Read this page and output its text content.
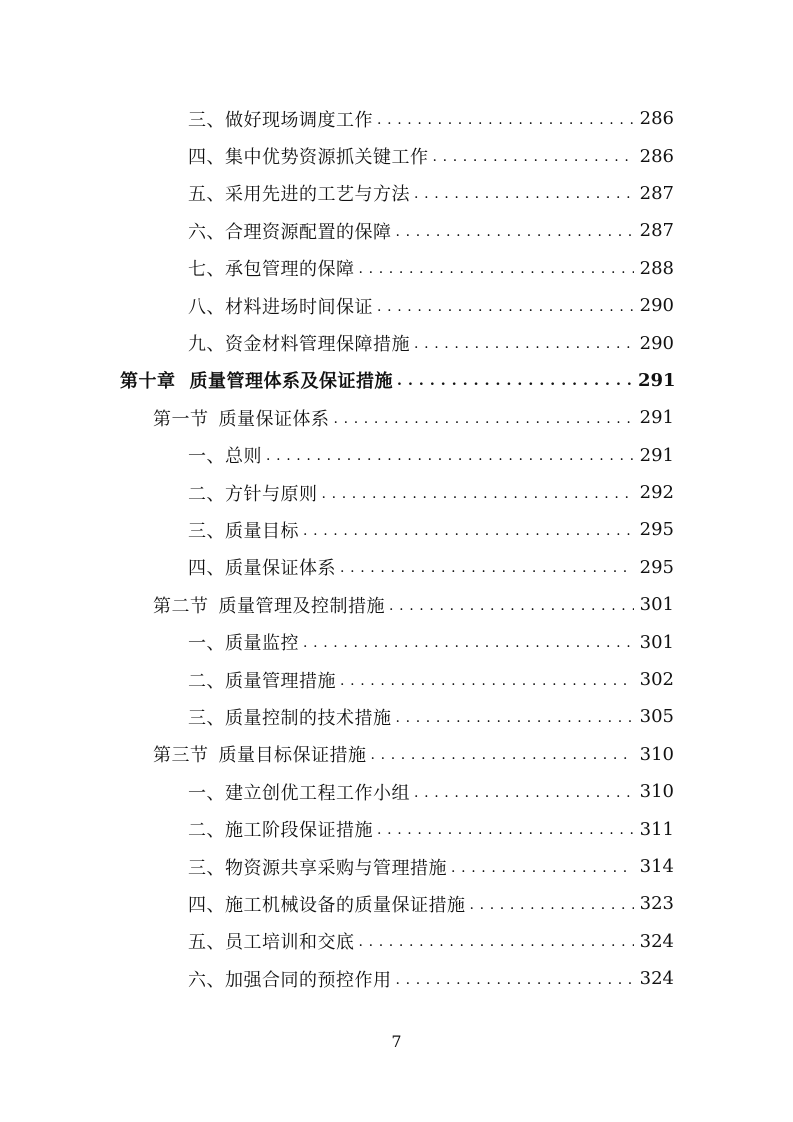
三、做好现场调度工作 . . .	286
四、集中优势资源抓关键工作 . . .	286
五、采用先进的工艺与方法 . . .	287
六、合理资源配置的保障 . . .	287
七、承包管理的保障 . . .	288
八、材料进场时间保证 . . .	290
九、资金材料管理保障措施 . . .	290
第十章 质量管理体系及保证措施 . . .	291
第一节 质量保证体系 . . .	291
一、总则 . . .	291
二、方针与原则 . . .	292
三、质量目标 . . .	295
四、质量保证体系 . . .	295
第二节 质量管理及控制措施 . . .	301
一、质量监控 . . .	301
二、质量管理措施 . . .	302
三、质量控制的技术措施 . . .	305
第三节 质量目标保证措施 . . .	310
一、建立创优工程工作小组 . . .	310
二、施工阶段保证措施 . . .	311
三、物资源共享采购与管理措施 . . .	314
四、施工机械设备的质量保证措施 . . .	323
五、员工培训和交底 . . .	324
六、加强合同的预控作用 . . .	324
7
